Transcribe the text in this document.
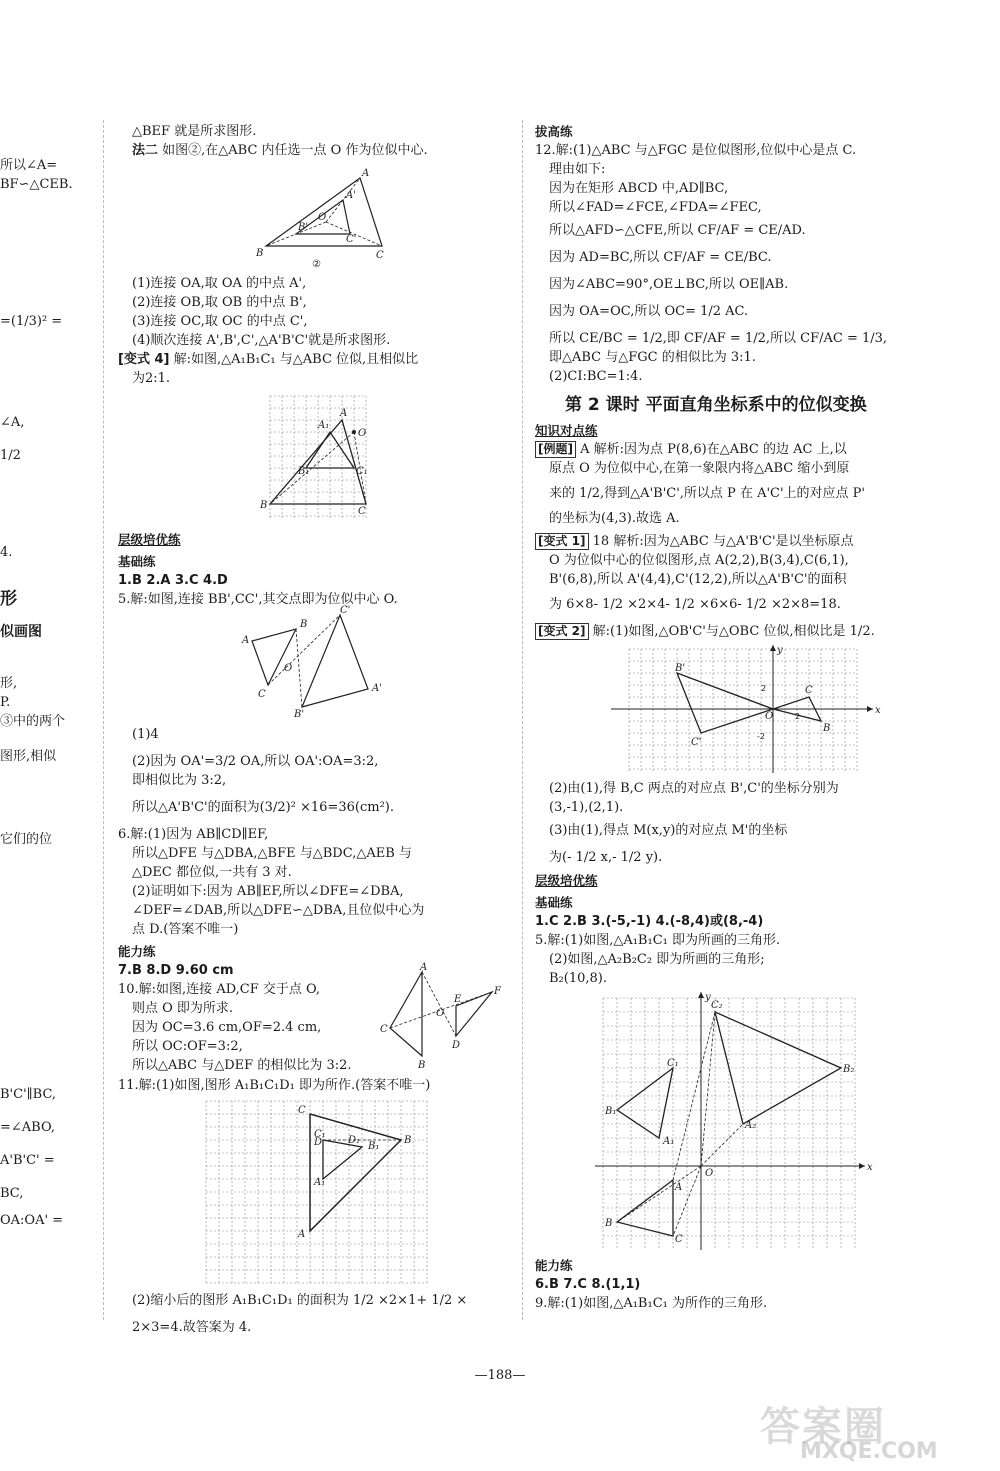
所以∠A=
BF∽△CEB.
=(1/3)² =
∠A,
1/2
4.
形
似画图
形,
P.
③中的两个
图形,相似
它们的位
B'C'∥BC,
=∠ABO,
A'B'C' =
BC,
OA:OA' =
△BEF 就是所求图形.
法二 如图②,在△ABC 内任选一点 O 作为位似中心.
A
A'
B
B'
C
C'
O
②
(1)连接 OA,取 OA 的中点 A',
(2)连接 OB,取 OB 的中点 B',
(3)连接 OC,取 OC 的中点 C',
(4)顺次连接 A',B',C',△A'B'C'就是所求图形.
[变式 4] 解:如图,△A₁B₁C₁ 与△ABC 位似,且相似比
为2:1.
B
A
A₁
O
B₁	C₁
C
层级培优练
基础练
1.B 2.A 3.C 4.D
5.解:如图,连接 BB',CC',其交点即为位似中心 O.
A
B
C
C'
A'
B'
O
(1)4
(2)因为 OA'=3/2 OA,所以 OA':OA=3:2,
即相似比为 3:2,
所以△A'B'C'的面积为(3/2)² ×16=36(cm²).
6.解:(1)因为 AB∥CD∥EF,
所以△DFE 与△DBA,△BFE 与△BDC,△AEB 与
△DEC 都位似,一共有 3 对.
(2)证明如下:因为 AB∥EF,所以∠DFE=∠DBA,
∠DEF=∠DAB,所以△DFE∽△DBA,且位似中心为
点 D.(答案不唯一)
能力练
7.B 8.D 9.60 cm
10.解:如图,连接 AD,CF 交于点 O,
则点 O 即为所求.
因为 OC=3.6 cm,OF=2.4 cm,
所以 OC:OF=3:2,
所以△ABC 与△DEF 的相似比为 3:2.
A
C
B
E
F
D
O
11.解:(1)如图,图形 A₁B₁C₁D₁ 即为所作.(答案不唯一)
C
B
A
C₁
D₁
B₁
A₁
D
(2)缩小后的图形 A₁B₁C₁D₁ 的面积为 1/2 ×2×1+ 1/2 ×
2×3=4.故答案为 4.
拔高练
12.解:(1)△ABC 与△FGC 是位似图形,位似中心是点 C.
理由如下:
因为在矩形 ABCD 中,AD∥BC,
所以∠FAD=∠FCE,∠FDA=∠FEC,
所以△AFD∽△CFE,所以 CF/AF = CE/AD.
因为 AD=BC,所以 CF/AF = CE/BC.
因为∠ABC=90°,OE⊥BC,所以 OE∥AB.
因为 OA=OC,所以 OC= 1/2 AC.
所以 CE/BC = 1/2,即 CF/AF = 1/2,所以 CF/AC = 1/3,
即△ABC 与△FGC 的相似比为 3:1.
(2)CI:BC=1:4.
第 2 课时 平面直角坐标系中的位似变换
知识对点练
[例题] A 解析:因为点 P(8,6)在△ABC 的边 AC 上,以
原点 O 为位似中心,在第一象限内将△ABC 缩小到原
来的 1/2,得到△A'B'C',所以点 P 在 A'C'上的对应点 P'
的坐标为(4,3).故选 A.
[变式 1] 18 解析:因为△ABC 与△A'B'C'是以坐标原点
O 为位似中心的位似图形,点 A(2,2),B(3,4),C(6,1),
B'(6,8),所以 A'(4,4),C'(12,2),所以△A'B'C'的面积
为 6×8- 1/2 ×2×4- 1/2 ×6×6- 1/2 ×2×8=18.
[变式 2] 解:(1)如图,△OB'C'与△OBC 位似,相似比是 1/2.
B'
C'
O
B
C
x
y
2
-2
2
(2)由(1),得 B,C 两点的对应点 B',C'的坐标分别为
(3,-1),(2,1).
(3)由(1),得点 M(x,y)的对应点 M'的坐标
为(- 1/2 x,- 1/2 y).
层级培优练
基础练
1.C 2.B 3.(-5,-1) 4.(-8,4)或(8,-4)
5.解:(1)如图,△A₁B₁C₁ 即为所画的三角形.
(2)如图,△A₂B₂C₂ 即为所画的三角形;
B₂(10,8).
C₂
B₂
A₂
B₁
C₁
A₁
B
C
A
O
x
y
能力练
6.B 7.C 8.(1,1)
9.解:(1)如图,△A₁B₁C₁ 为所作的三角形.
—188—
答案圈
MXQE.COM
